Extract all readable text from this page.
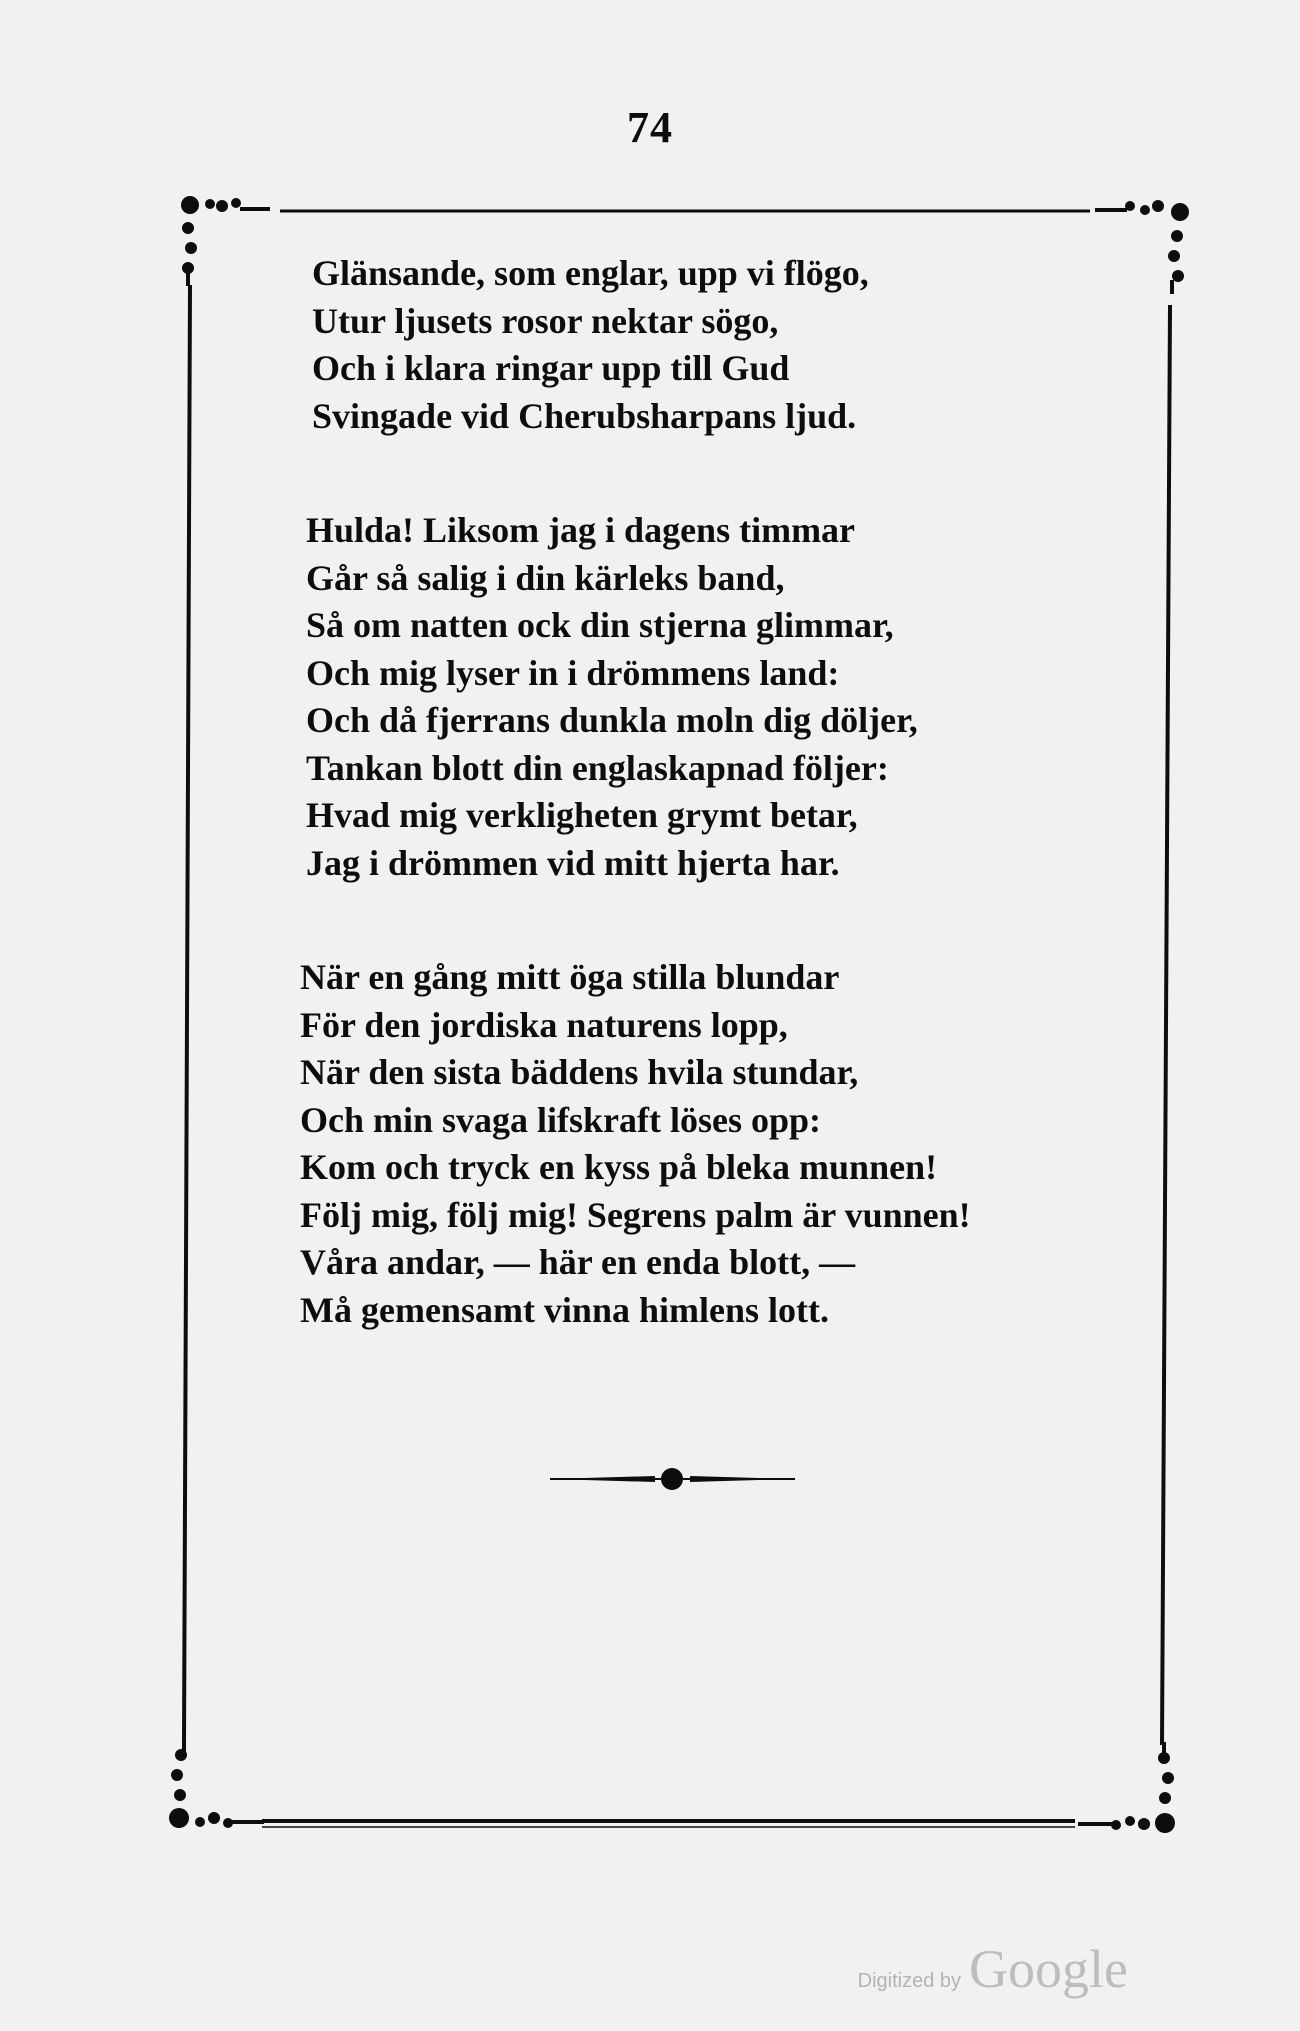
74
Glänsande, som englar, upp vi flögo,
Utur ljusets rosor nektar sögo,
Och i klara ringar upp till Gud
Svingade vid Cherubsharpans ljud.
Hulda! Liksom jag i dagens timmar
Går så salig i din kärleks band,
Så om natten ock din stjerna glimmar,
Och mig lyser in i drömmens land:
Och då fjerrans dunkla moln dig döljer,
Tankan blott din englaskapnad följer:
Hvad mig verkligheten grymt betar,
Jag i drömmen vid mitt hjerta har.
När en gång mitt öga stilla blundar
För den jordiska naturens lopp,
När den sista bäddens hvila stundar,
Och min svaga lifskraft löses opp:
Kom och tryck en kyss på bleka munnen!
Följ mig, följ mig! Segrens palm är vunnen!
Våra andar, — här en enda blott, —
Må gemensamt vinna himlens lott.
Digitized by Google
